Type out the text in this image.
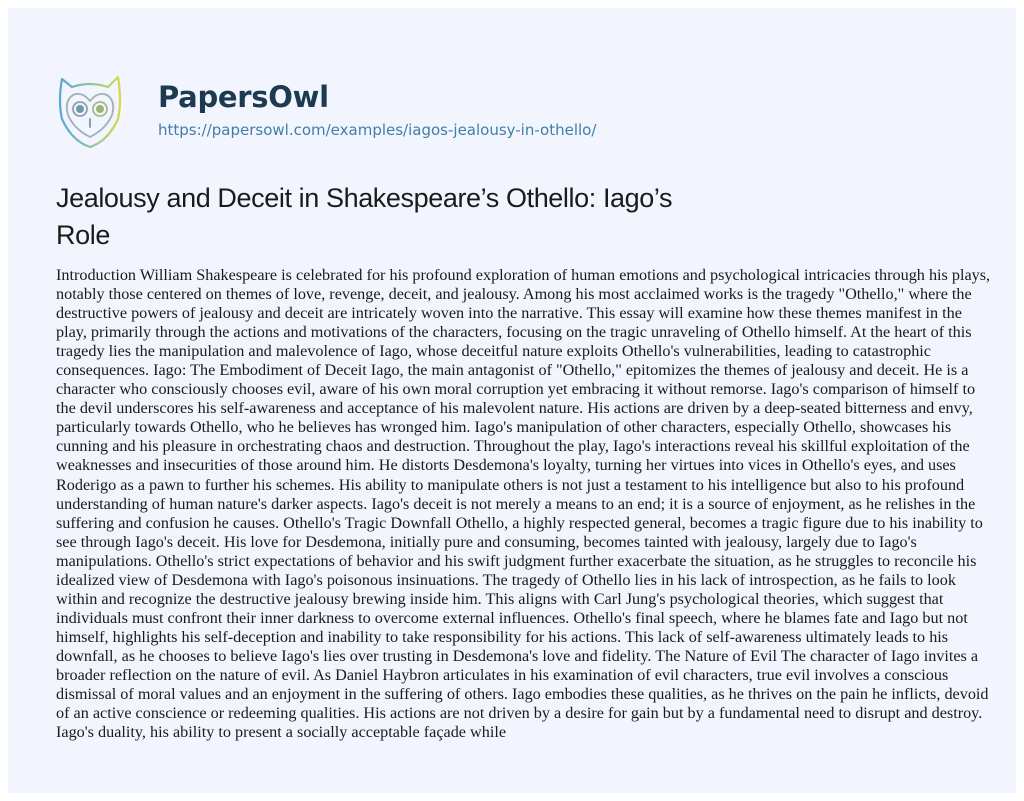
PapersOwl
https://papersowl.com/examples/iagos-jealousy-in-othello/
Jealousy and Deceit in Shakespeare’s Othello: Iago’s
Role
Introduction William Shakespeare is celebrated for his profound exploration of human emotions and psychological intricacies through his plays,
notably those centered on themes of love, revenge, deceit, and jealousy. Among his most acclaimed works is the tragedy "Othello," where the
destructive powers of jealousy and deceit are intricately woven into the narrative. This essay will examine how these themes manifest in the
play, primarily through the actions and motivations of the characters, focusing on the tragic unraveling of Othello himself. At the heart of this
tragedy lies the manipulation and malevolence of Iago, whose deceitful nature exploits Othello's vulnerabilities, leading to catastrophic
consequences. Iago: The Embodiment of Deceit Iago, the main antagonist of "Othello," epitomizes the themes of jealousy and deceit. He is a
character who consciously chooses evil, aware of his own moral corruption yet embracing it without remorse. Iago's comparison of himself to
the devil underscores his self-awareness and acceptance of his malevolent nature. His actions are driven by a deep-seated bitterness and envy,
particularly towards Othello, who he believes has wronged him. Iago's manipulation of other characters, especially Othello, showcases his
cunning and his pleasure in orchestrating chaos and destruction. Throughout the play, Iago's interactions reveal his skillful exploitation of the
weaknesses and insecurities of those around him. He distorts Desdemona's loyalty, turning her virtues into vices in Othello's eyes, and uses
Roderigo as a pawn to further his schemes. His ability to manipulate others is not just a testament to his intelligence but also to his profound
understanding of human nature's darker aspects. Iago's deceit is not merely a means to an end; it is a source of enjoyment, as he relishes in the
suffering and confusion he causes. Othello's Tragic Downfall Othello, a highly respected general, becomes a tragic figure due to his inability to
see through Iago's deceit. His love for Desdemona, initially pure and consuming, becomes tainted with jealousy, largely due to Iago's
manipulations. Othello's strict expectations of behavior and his swift judgment further exacerbate the situation, as he struggles to reconcile his
idealized view of Desdemona with Iago's poisonous insinuations. The tragedy of Othello lies in his lack of introspection, as he fails to look
within and recognize the destructive jealousy brewing inside him. This aligns with Carl Jung's psychological theories, which suggest that
individuals must confront their inner darkness to overcome external influences. Othello's final speech, where he blames fate and Iago but not
himself, highlights his self-deception and inability to take responsibility for his actions. This lack of self-awareness ultimately leads to his
downfall, as he chooses to believe Iago's lies over trusting in Desdemona's love and fidelity. The Nature of Evil The character of Iago invites a
broader reflection on the nature of evil. As Daniel Haybron articulates in his examination of evil characters, true evil involves a conscious
dismissal of moral values and an enjoyment in the suffering of others. Iago embodies these qualities, as he thrives on the pain he inflicts, devoid
of an active conscience or redeeming qualities. His actions are not driven by a desire for gain but by a fundamental need to disrupt and destroy.
Iago's duality, his ability to present a socially acceptable façade while
